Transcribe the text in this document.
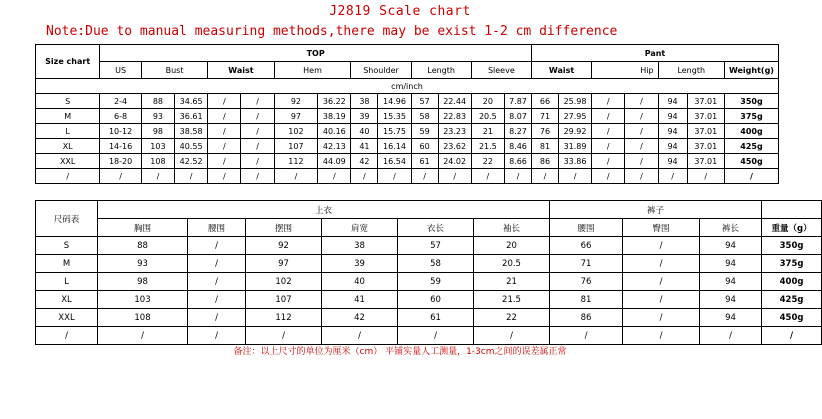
J2819 Scale chart
Note:Due to manual measuring methods,there may be exist 1-2 cm difference
Size chart	TOP													Pant						
	US	Bust		Waist		Hem		Shoulder		Length		Sleeve		Waist		Hip		Length		Weight(g)
cm/inch																				
S	2-4	88	34.65	/	/	92	36.22	38	14.96	57	22.44	20	7.87	66	25.98	/	/	94	37.01	350g
M	6-8	93	36.61	/	/	97	38.19	39	15.35	58	22.83	20.5	8.07	71	27.95	/	/	94	37.01	375g
L	10-12	98	38.58	/	/	102	40.16	40	15.75	59	23.23	21	8.27	76	29.92	/	/	94	37.01	400g
XL	14-16	103	40.55	/	/	107	42.13	41	16.14	60	23.62	21.5	8.46	81	31.89	/	/	94	37.01	425g
XXL	18-20	108	42.52	/	/	112	44.09	42	16.54	61	24.02	22	8.66	86	33.86	/	/	94	37.01	450g
/	/	/	/	/	/	/	/	/	/	/	/	/	/	/	/	/	/	/	/	/
尺码表	上衣						裤子			
	胸围	腰围	摆围	肩宽	衣长	袖长	腰围	臀围	裤长	重量（g）
S	88	/	92	38	57	20	66	/	94	350g
M	93	/	97	39	58	20.5	71	/	94	375g
L	98	/	102	40	59	21	76	/	94	400g
XL	103	/	107	41	60	21.5	81	/	94	425g
XXL	108	/	112	42	61	22	86	/	94	450g
/	/	/	/	/	/	/	/	/	/	/
备注：以上尺寸的单位为厘米（cm） 平铺实量人工测量，1-3cm之间的误差属正常
